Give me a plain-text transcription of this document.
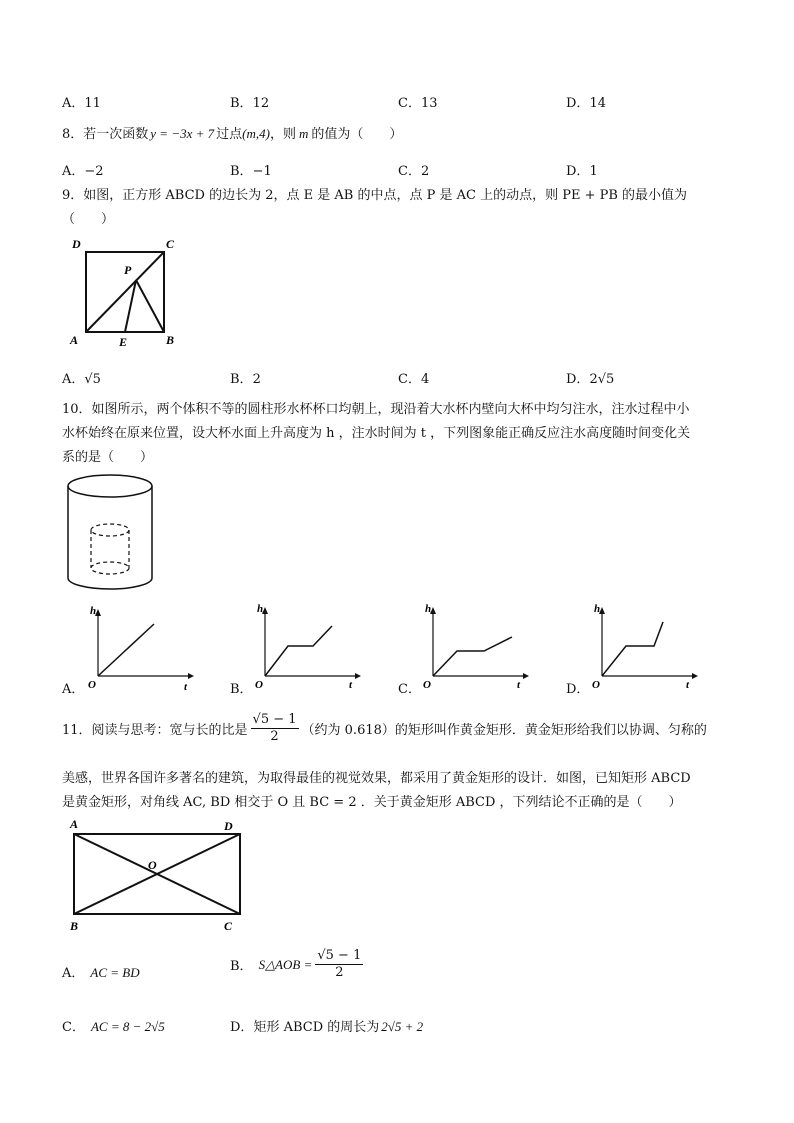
A．11	B．12	C．13	D．14
8．若一次函数 y = −3x + 7 过点(m,4)，则 m 的值为（　　）
A．−2	B．−1	C．2	D．1
9．如图，正方形 ABCD 的边长为 2，点 E 是 AB 的中点，点 P 是 AC 上的动点，则 PE + PB 的最小值为
（　　）
D	C
P
A	E	B
A．√5	B．2	C．4	D．2√5
10．如图所示，两个体积不等的圆柱形水杯杯口均朝上，现沿着大水杯内壁向大杯中均匀注水，注水过程中小
水杯始终在原来位置，设大杯水面上升高度为 h ，注水时间为 t ，下列图象能正确反应注水高度随时间变化关
系的是（　　）
A．
h
O	t	B．
h
O	t	C．
h
O	t	D．
h
O	t
11．阅读与思考：宽与长的比是 $\frac{√5 - 1}{2}$ （约为 0.618）的矩形叫作黄金矩形．黄金矩形给我们以协调、匀称的
美感，世界各国许多著名的建筑，为取得最佳的视觉效果，都采用了黄金矩形的设计．如图，已知矩形 ABCD
是黄金矩形，对角线 AC, BD 相交于 O 且 BC = 2 ．关于黄金矩形 ABCD ，下列结论不正确的是（　　）
A	D
O
B	C
A． AC = BD	B． S△AOB = $\frac{√5 - 1}{2}$
C． AC = 8 − 2√5	D．矩形 ABCD 的周长为 2√5 + 2
